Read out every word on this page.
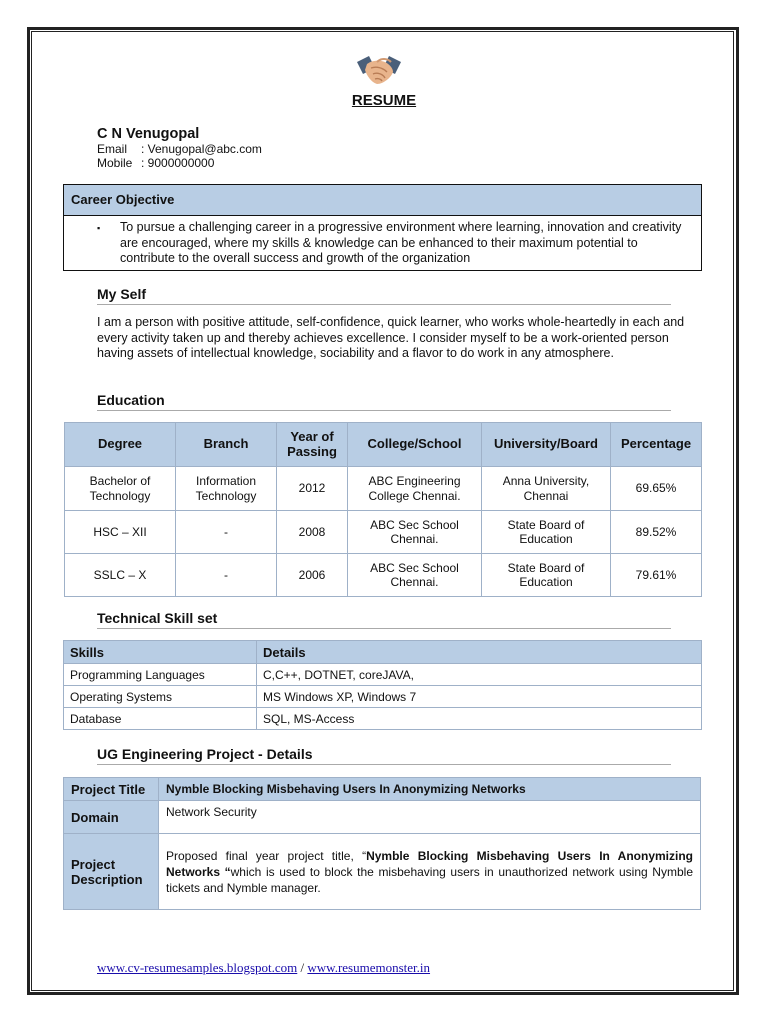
RESUME
C N Venugopal
Email : Venugopal@abc.com
Mobile : 9000000000
Career Objective
▪ To pursue a challenging career in a progressive environment where learning, innovation and creativity are encouraged, where my skills & knowledge can be enhanced to their maximum potential to contribute to the overall success and growth of the organization
My Self
I am a person with positive attitude, self-confidence, quick learner, who works whole-heartedly in each and every activity taken up and thereby achieves excellence. I consider myself to be a work-oriented person having assets of intellectual knowledge, sociability and a flavor to do work in any atmosphere.
Education
Degree	Branch	Year of Passing	College/School	University/Board	Percentage
Bachelor of Technology	Information Technology	2012	ABC Engineering College Chennai.	Anna University, Chennai	69.65%
HSC – XII	-	2008	ABC Sec School Chennai.	State Board of Education	89.52%
SSLC – X	-	2006	ABC Sec School Chennai.	State Board of Education	79.61%
Technical Skill set
Skills	Details
Programming Languages	C,C++, DOTNET, coreJAVA,
Operating Systems	MS Windows XP, Windows 7
Database	SQL, MS-Access
UG Engineering Project - Details
Project Title	Nymble Blocking Misbehaving Users In Anonymizing Networks
Domain	Network Security
Project Description	Proposed final year project title, “Nymble Blocking Misbehaving Users In Anonymizing Networks “which is used to block the misbehaving users in unauthorized network using Nymble tickets and Nymble manager.
www.cv-resumesamples.blogspot.com / www.resumemonster.in
